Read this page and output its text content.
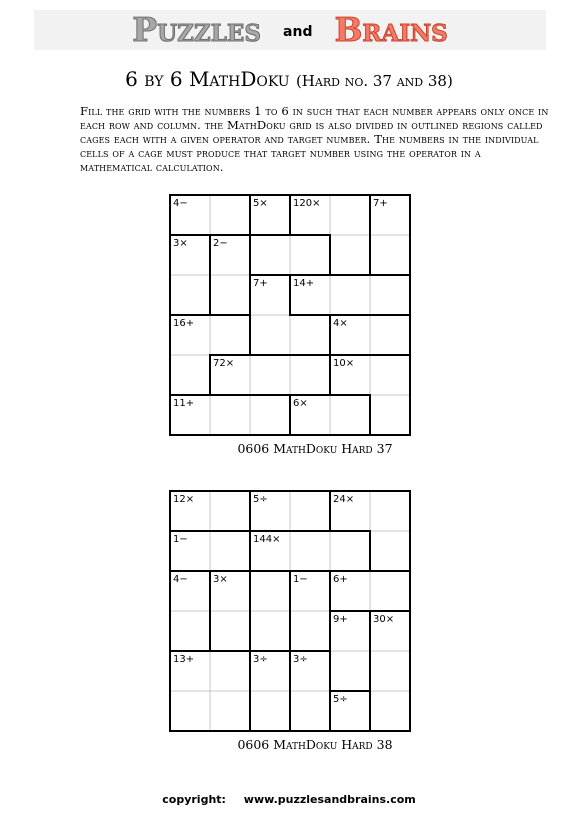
Puzzles and Brains
6 by 6 MathDoku (Hard no. 37 and 38)
Fill the grid with the numbers 1 to 6 in such that each number appears only once in each row and column. the MathDoku grid is also divided in outlined regions called cages each with a given operator and target number. The numbers in the individual cells of a cage must produce that target number using the operator in a mathematical calculation.
4−	5×	120×	7+
3×	2−
7+	14+
16+	4×
72×	10×
11+	6×
0606 MathDoku Hard 37
12×	5÷	24×
1−	144×
4−	3×	1−	6+
9+	30×
13+	3÷	3÷
5÷
0606 MathDoku Hard 38
copyright: www.puzzlesandbrains.com
